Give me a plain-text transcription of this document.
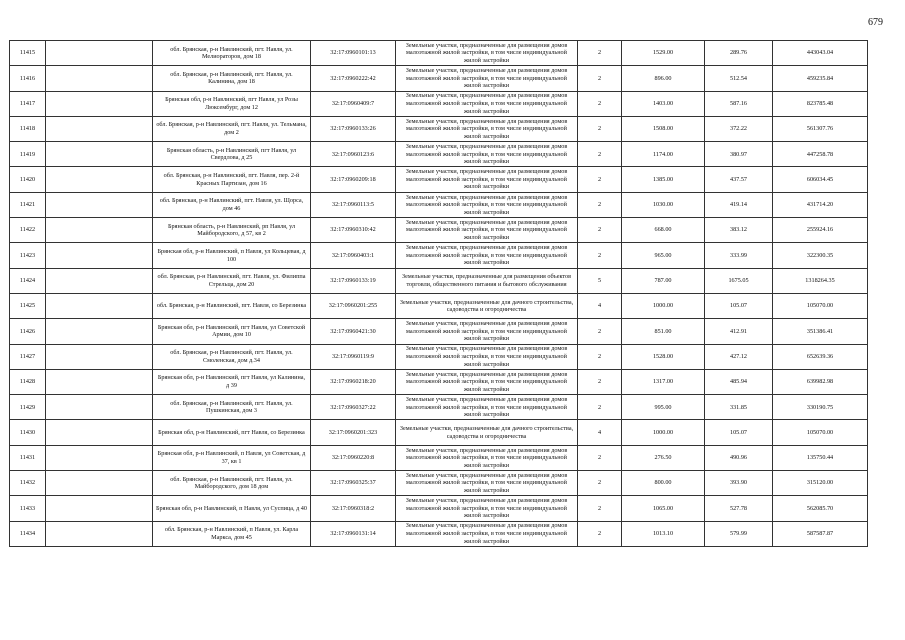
679
11415		обл. Брянская, р-н Навлинский, пгт. Навля, ул. Мелиораторов, дом 18	32:17:0960101:13	Земельные участки, предназначенные для размещения домов малоэтажной жилой застройки, в том числе индивидуальной жилой застройки	2	1529.00	289.76	443043.04
11416		обл. Брянская, р-н Навлинский, пгт. Навля, ул. Калинина, дом 18	32:17:0960222:42	Земельные участки, предназначенные для размещения домов малоэтажной жилой застройки, в том числе индивидуальной жилой застройки	2	896.00	512.54	459235.84
11417		Брянская обл, р-н Навлинский, пгт Навля, ул Розы Люксембург, дом 12	32:17:0960409:7	Земельные участки, предназначенные для размещения домов малоэтажной жилой застройки, в том числе индивидуальной жилой застройки	2	1403.00	587.16	823785.48
11418		обл. Брянская, р-н Навлинский, пгт. Навля, ул. Тельмана, дом 2	32:17:0960133:26	Земельные участки, предназначенные для размещения домов малоэтажной жилой застройки, в том числе индивидуальной жилой застройки	2	1508.00	372.22	561307.76
11419		Брянская область, р-н Навлинский, пгт Навля, ул Свердлова, д 25	32:17:0960123:6	Земельные участки, предназначенные для размещения домов малоэтажной жилой застройки, в том числе индивидуальной жилой застройки	2	1174.00	380.97	447258.78
11420		обл. Брянская, р-н Навлинский, пгт. Навля, пер. 2-й Красных Партизан, дом 16	32:17:0960209:18	Земельные участки, предназначенные для размещения домов малоэтажной жилой застройки, в том числе индивидуальной жилой застройки	2	1385.00	437.57	606034.45
11421		обл. Брянская, р-н Навлинский, пгт. Навля, ул. Щорса, дом 46	32:17:0960113:5	Земельные участки, предназначенные для размещения домов малоэтажной жилой застройки, в том числе индивидуальной жилой застройки	2	1030.00	419.14	431714.20
11422		Брянская область, р-н Навлинский, рп Навля, ул Майбородского, д 57, кв 2	32:17:0960310:42	Земельные участки, предназначенные для размещения домов малоэтажной жилой застройки, в том числе индивидуальной жилой застройки	2	668.00	383.12	255924.16
11423		Брянская обл, р-н Навлинский, п Навля, ул Кольцевая, д 100	32:17:0960403:1	Земельные участки, предназначенные для размещения домов малоэтажной жилой застройки, в том числе индивидуальной жилой застройки	2	965.00	333.99	322300.35
11424		обл. Брянская, р-н Навлинский, пгт. Навля, ул. Филиппа Стрельца, дом 20	32:17:0960133:19	Земельные участки, предназначенные для размещения объектов торговли, общественного питания и бытового обслуживания	5	787.00	1675.05	1318264.35
11425		обл. Брянская, р-н Навлинский, пгт. Навля, со Березинка	32:17:0960201:255	Земельные участки, предназначенные для дачного строительства, садоводства и огородничества	4	1000.00	105.07	105070.00
11426		Брянская обл, р-н Навлинский, пгт Навля, ул Советской Армии, дом 10	32:17:0960421:30	Земельные участки, предназначенные для размещения домов малоэтажной жилой застройки, в том числе индивидуальной жилой застройки	2	851.00	412.91	351386.41
11427		обл. Брянская, р-н Навлинский, пгт. Навля, ул. Смоленская, дом д.34	32:17:0960119:9	Земельные участки, предназначенные для размещения домов малоэтажной жилой застройки, в том числе индивидуальной жилой застройки	2	1528.00	427.12	652639.36
11428		Брянская обл, р-н Навлинский, пгт Навля, ул Калинина, д 39	32:17:0960218:20	Земельные участки, предназначенные для размещения домов малоэтажной жилой застройки, в том числе индивидуальной жилой застройки	2	1317.00	485.94	639982.98
11429		обл. Брянская, р-н Навлинский, пгт. Навля, ул. Пушкинская, дом 3	32:17:0960327:22	Земельные участки, предназначенные для размещения домов малоэтажной жилой застройки, в том числе индивидуальной жилой застройки	2	995.00	331.85	330190.75
11430		Брянская обл, р-н Навлинский, пгт Навля, со Березинка	32:17:0960201:323	Земельные участки, предназначенные для дачного строительства, садоводства и огородничества	4	1000.00	105.07	105070.00
11431		Брянская обл, р-н Навлинский, п Навля, ул Советская, д 37, кв 1	32:17:0960220:8	Земельные участки, предназначенные для размещения домов малоэтажной жилой застройки, в том числе индивидуальной жилой застройки	2	276.50	490.96	135750.44
11432		обл. Брянская, р-н Навлинский, пгт. Навля, ул. Майбородского, дом 18 дом	32:17:0960325:37	Земельные участки, предназначенные для размещения домов малоэтажной жилой застройки, в том числе индивидуальной жилой застройки	2	800.00	393.90	315120.00
11433		Брянская обл, р-н Навлинский, п Навля, ул Суспица, д 40	32:17:0960318:2	Земельные участки, предназначенные для размещения домов малоэтажной жилой застройки, в том числе индивидуальной жилой застройки	2	1065.00	527.78	562085.70
11434		обл. Брянская, р-н Навлинский, п Навля, ул. Карла Маркса, дом 45	32:17:0960131:14	Земельные участки, предназначенные для размещения домов малоэтажной жилой застройки, в том числе индивидуальной жилой застройки	2	1013.10	579.99	587587.87
